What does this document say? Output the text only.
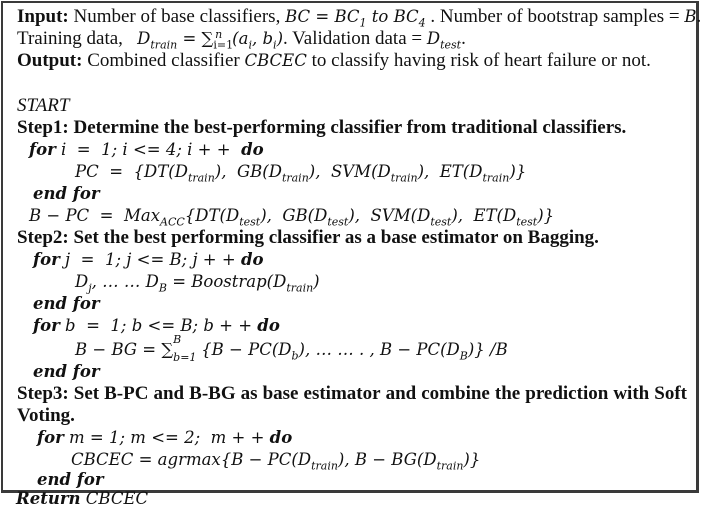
Input: Number of base classifiers, BC = $BC_1$ to $BC_4$ . Number of bootstrap samples = B.
Training data,   $D_{train} = \sum_{i=1}^n$ ($a_i$, $b_i$). Validation data = $D_{test}$.
Output: Combined classifier CBCEC to classify having risk of heart failure or not.
START
Step1: Determine the best-performing classifier from traditional classifiers.
for i  =  1; i <= 4; i + +  do
PC  =  {$DT(D_{train})$,  $GB(D_{train})$,  $SVM(D_{train})$,  $ET(D_{train})$}
end for
B − PC  =  $Max_{ACC}\{DT(D_{test})$,  $GB(D_{test})$,  $SVM(D_{test})$,  $ET(D_{test})$}
Step2: Set the best performing classifier as a base estimator on Bagging.
for j  =  1; j <= B; j + + do
$D_j$, … … $D_B$ = $Boostrap(D_{train})$
end for
for b  =  1; b <= B; b + + do
B − BG = ∑
B
b=1 {$B - PC(D_b)$, … … . , $B - PC(D_B)$} /B
end for
Step3: Set B-PC and B-BG as base estimator and combine the prediction with Soft
Voting.
for m = 1; m <= 2;  m + + do
CBCEC = $agrmax\{B - PC(D_{train})$, $B - BG(D_{train})$}
end for
Return CBCEC
